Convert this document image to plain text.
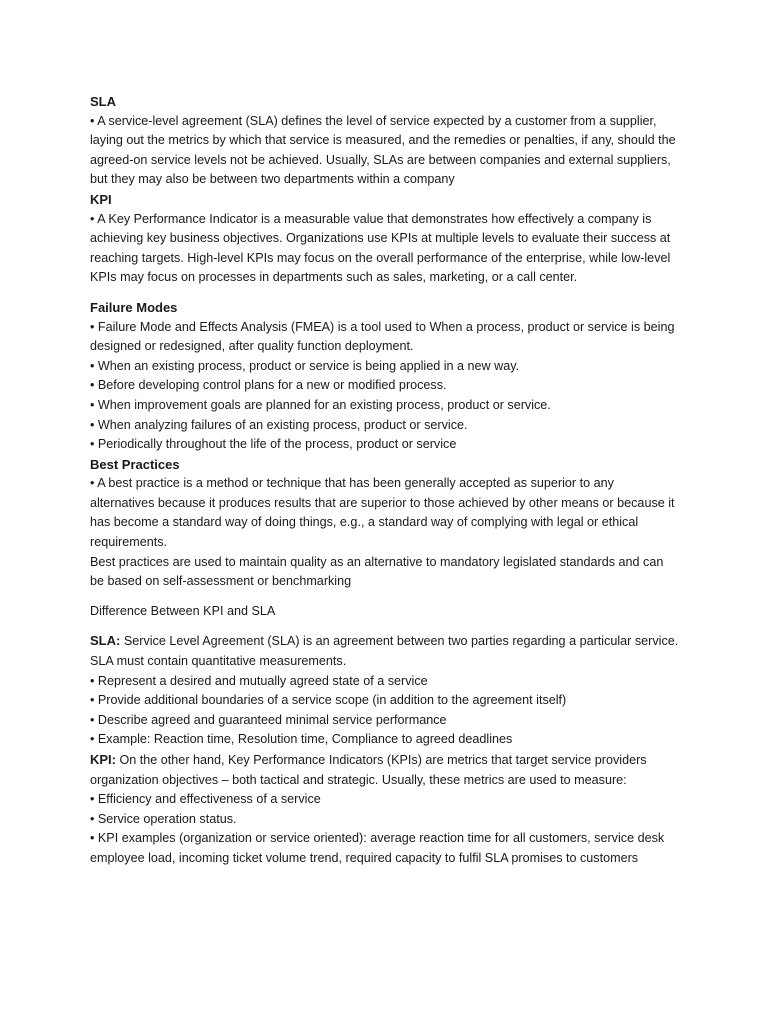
SLA

• A service-level agreement (SLA) defines the level of service expected by a customer from a supplier, laying out the metrics by which that service is measured, and the remedies or penalties, if any, should the agreed-on service levels not be achieved. Usually, SLAs are between companies and external suppliers, but they may also be between two departments within a company

KPI

• A Key Performance Indicator is a measurable value that demonstrates how effectively a company is achieving key business objectives. Organizations use KPIs at multiple levels to evaluate their success at reaching targets. High-level KPIs may focus on the overall performance of the enterprise, while low-level KPIs may focus on processes in departments such as sales, marketing, or a call center.

Failure Modes

• Failure Mode and Effects Analysis (FMEA) is a tool used to When a process, product or service is being designed or redesigned, after quality function deployment.

• When an existing process, product or service is being applied in a new way.

• Before developing control plans for a new or modified process.

• When improvement goals are planned for an existing process, product or service.

• When analyzing failures of an existing process, product or service.

• Periodically throughout the life of the process, product or service

Best Practices

• A best practice is a method or technique that has been generally accepted as superior to any alternatives because it produces results that are superior to those achieved by other means or because it has become a standard way of doing things, e.g., a standard way of complying with legal or ethical requirements.

Best practices are used to maintain quality as an alternative to mandatory legislated standards and can be based on self-assessment or benchmarking

Difference Between KPI and SLA

SLA: Service Level Agreement (SLA) is an agreement between two parties regarding a particular service. SLA must contain quantitative measurements.

• Represent a desired and mutually agreed state of a service

• Provide additional boundaries of a service scope (in addition to the agreement itself)

• Describe agreed and guaranteed minimal service performance

• Example: Reaction time, Resolution time, Compliance to agreed deadlines

KPI: On the other hand, Key Performance Indicators (KPIs) are metrics that target service providers organization objectives – both tactical and strategic. Usually, these metrics are used to measure:

• Efficiency and effectiveness of a service

• Service operation status.

• KPI examples (organization or service oriented): average reaction time for all customers, service desk employee load, incoming ticket volume trend, required capacity to fulfil SLA promises to customers
